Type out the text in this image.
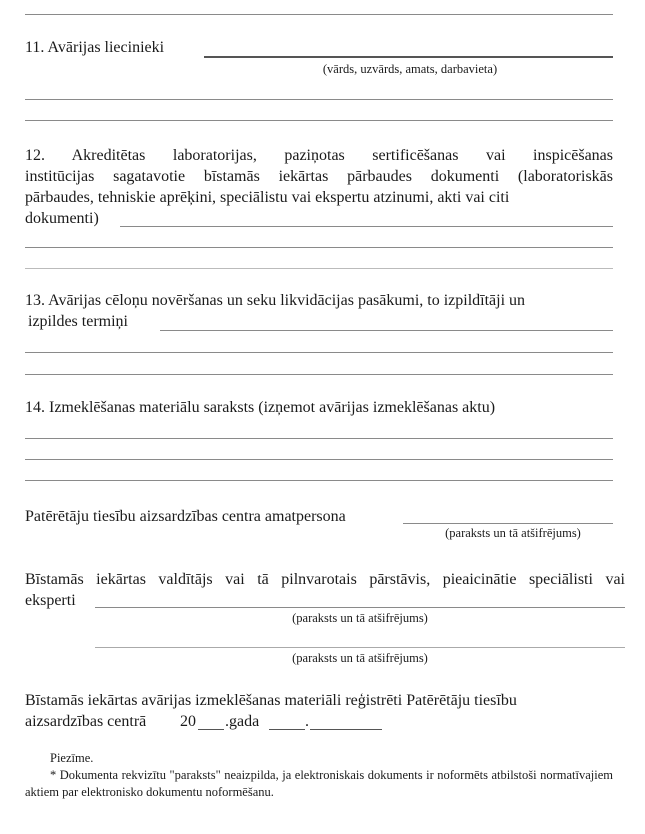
11. Avārijas liecinieki
(vārds, uzvārds, amats, darbavieta)
12. Akreditētas laboratorijas, paziņotas sertificēšanas vai inspicēšanas
institūcijas sagatavotie bīstamās iekārtas pārbaudes dokumenti (laboratoriskās
pārbaudes, tehniskie aprēķini, speciālistu vai ekspertu atzinumi, akti vai citi
dokumenti)
13. Avārijas cēloņu novēršanas un seku likvidācijas pasākumi, to izpildītāji un
izpildes termiņi
14. Izmeklēšanas materiālu saraksts (izņemot avārijas izmeklēšanas aktu)
Patērētāju tiesību aizsardzības centra amatpersona
(paraksts un tā atšifrējums)
Bīstamās iekārtas valdītājs vai tā pilnvarotais pārstāvis, pieaicinātie speciālisti vai
eksperti
(paraksts un tā atšifrējums)
(paraksts un tā atšifrējums)
Bīstamās iekārtas avārijas izmeklēšanas materiāli reģistrēti Patērētāju tiesību
aizsardzības centrā 20 .gada	.
Piezīme.
* Dokumenta rekvizītu "paraksts" neaizpilda, ja elektroniskais dokuments ir noformēts atbilstoši normatīvajiem aktiem par elektronisko dokumentu noformēšanu.
